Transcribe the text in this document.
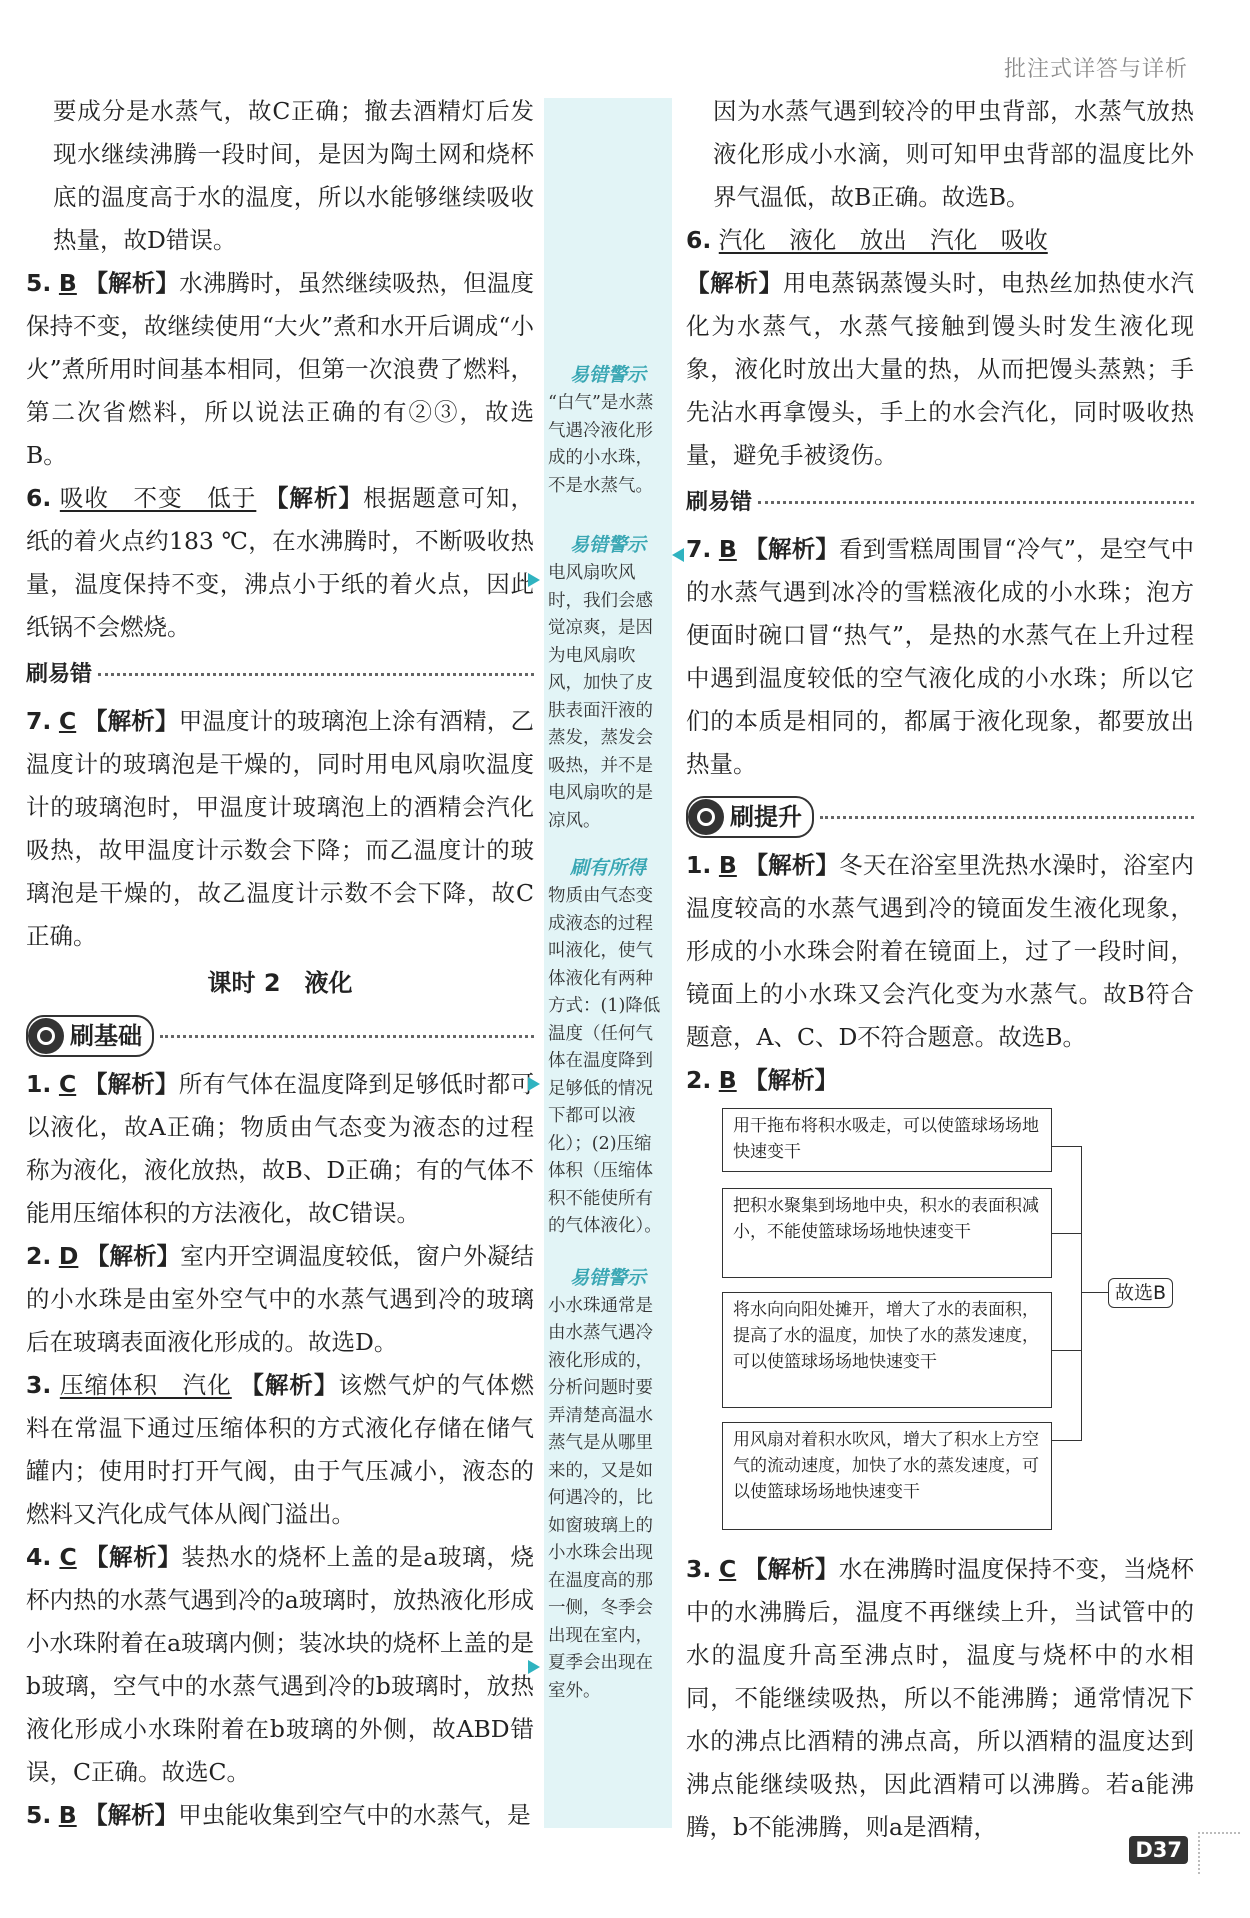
批注式详答与详析

要成分是水蒸气，故C正确；撤去酒精灯后发现水继续沸腾一段时间，是因为陶土网和烧杯底的温度高于水的温度，所以水能够继续吸收热量，故D错误。

5. B 【解析】水沸腾时，虽然继续吸热，但温度保持不变，故继续使用“大火”煮和水开后调成“小火”煮所用时间基本相同，但第一次浪费了燃料，第二次省燃料，所以说法正确的有②③，故选B。

6. 吸收　不变　低于 【解析】根据题意可知，纸的着火点约183 ℃，在水沸腾时，不断吸收热量，温度保持不变，沸点小于纸的着火点，因此纸锅不会燃烧。

刷易错

7. C 【解析】甲温度计的玻璃泡上涂有酒精，乙温度计的玻璃泡是干燥的，同时用电风扇吹温度计的玻璃泡时，甲温度计玻璃泡上的酒精会汽化吸热，故甲温度计示数会下降；而乙温度计的玻璃泡是干燥的，故乙温度计示数不会下降，故C正确。

课时 2　液化
刷基础

1. C 【解析】所有气体在温度降到足够低时都可以液化，故A正确；物质由气态变为液态的过程称为液化，液化放热，故B、D正确；有的气体不能用压缩体积的方法液化，故C错误。

2. D 【解析】室内开空调温度较低，窗户外凝结的小水珠是由室外空气中的水蒸气遇到冷的玻璃后在玻璃表面液化形成的。故选D。

3. 压缩体积　汽化 【解析】该燃气炉的气体燃料在常温下通过压缩体积的方式液化存储在储气罐内；使用时打开气阀，由于气压减小，液态的燃料又汽化成气体从阀门溢出。

4. C 【解析】装热水的烧杯上盖的是a玻璃，烧杯内热的水蒸气遇到冷的a玻璃时，放热液化形成小水珠附着在a玻璃内侧；装冰块的烧杯上盖的是b玻璃，空气中的水蒸气遇到冷的b玻璃时，放热液化形成小水珠附着在b玻璃的外侧，故ABD错误，C正确。故选C。

5. B 【解析】甲虫能收集到空气中的水蒸气，是

易错警示
“白气”是水蒸气遇冷液化形成的小水珠，不是水蒸气。
易错警示
电风扇吹风时，我们会感觉凉爽，是因为电风扇吹风，加快了皮肤表面汗液的蒸发，蒸发会吸热，并不是电风扇吹的是凉风。
刷有所得
物质由气态变成液态的过程叫液化，使气体液化有两种方式：(1)降低温度（任何气体在温度降到足够低的情况下都可以液化）；(2)压缩体积（压缩体积不能使所有的气体液化）。
易错警示
小水珠通常是由水蒸气遇冷液化形成的，分析问题时要弄清楚高温水蒸气是从哪里来的，又是如何遇冷的，比如窗玻璃上的小水珠会出现在温度高的那一侧，冬季会出现在室内，夏季会出现在室外。

因为水蒸气遇到较冷的甲虫背部，水蒸气放热液化形成小水滴，则可知甲虫背部的温度比外界气温低，故B正确。故选B。

6. 汽化　液化　放出　汽化　吸收
【解析】用电蒸锅蒸馒头时，电热丝加热使水汽化为水蒸气，水蒸气接触到馒头时发生液化现象，液化时放出大量的热，从而把馒头蒸熟；手先沾水再拿馒头，手上的水会汽化，同时吸收热量，避免手被烫伤。

刷易错

7. B 【解析】看到雪糕周围冒“冷气”，是空气中的水蒸气遇到冰冷的雪糕液化成的小水珠；泡方便面时碗口冒“热气”，是热的水蒸气在上升过程中遇到温度较低的空气液化成的小水珠；所以它们的本质是相同的，都属于液化现象，都要放出热量。

刷提升

1. B 【解析】冬天在浴室里洗热水澡时，浴室内温度较高的水蒸气遇到冷的镜面发生液化现象，形成的小水珠会附着在镜面上，过了一段时间，镜面上的小水珠又会汽化变为水蒸气。故B符合题意，A、C、D不符合题意。故选B。

2. B 【解析】

用干拖布将积水吸走，可以使篮球场场地快速变干
把积水聚集到场地中央，积水的表面积减小，不能使篮球场场地快速变干
将水向向阳处摊开，增大了水的表面积，提高了水的温度，加快了水的蒸发速度，可以使篮球场场地快速变干
用风扇对着积水吹风，增大了积水上方空气的流动速度，加快了水的蒸发速度，可以使篮球场场地快速变干
故选B

3. C 【解析】水在沸腾时温度保持不变，当烧杯中的水沸腾后，温度不再继续上升，当试管中的水的温度升高至沸点时，温度与烧杯中的水相同，不能继续吸热，所以不能沸腾；通常情况下水的沸点比酒精的沸点高，所以酒精的温度达到沸点能继续吸热，因此酒精可以沸腾。若a能沸腾，b不能沸腾，则a是酒精，

D37
